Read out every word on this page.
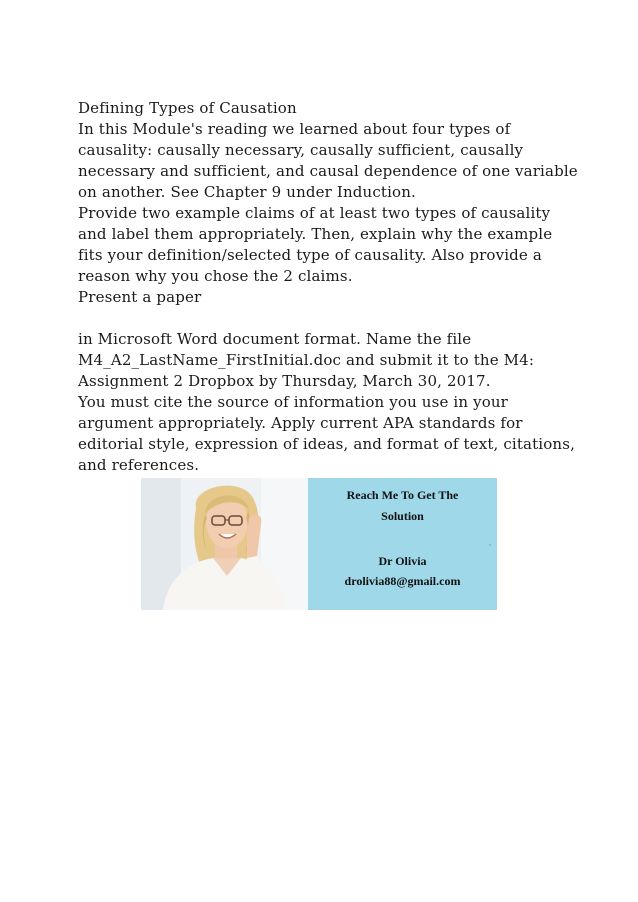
Defining Types of Causation
In this Module's reading we learned about four types of
causality: causally necessary, causally sufficient, causally
necessary and sufficient, and causal dependence of one variable
on another. See Chapter 9 under Induction.
Provide two example claims of at least two types of causality
and label them appropriately. Then, explain why the example
fits your definition/selected type of causality. Also provide a
reason why you chose the 2 claims.
Present a paper
in Microsoft Word document format. Name the file
M4_A2_LastName_FirstInitial.doc and submit it to the M4:
Assignment 2 Dropbox by Thursday, March 30, 2017.
You must cite the source of information you use in your
argument appropriately. Apply current APA standards for
editorial style, expression of ideas, and format of text, citations,
and references.
Reach Me To Get The
Solution
Dr Olivia
drolivia88@gmail.com
